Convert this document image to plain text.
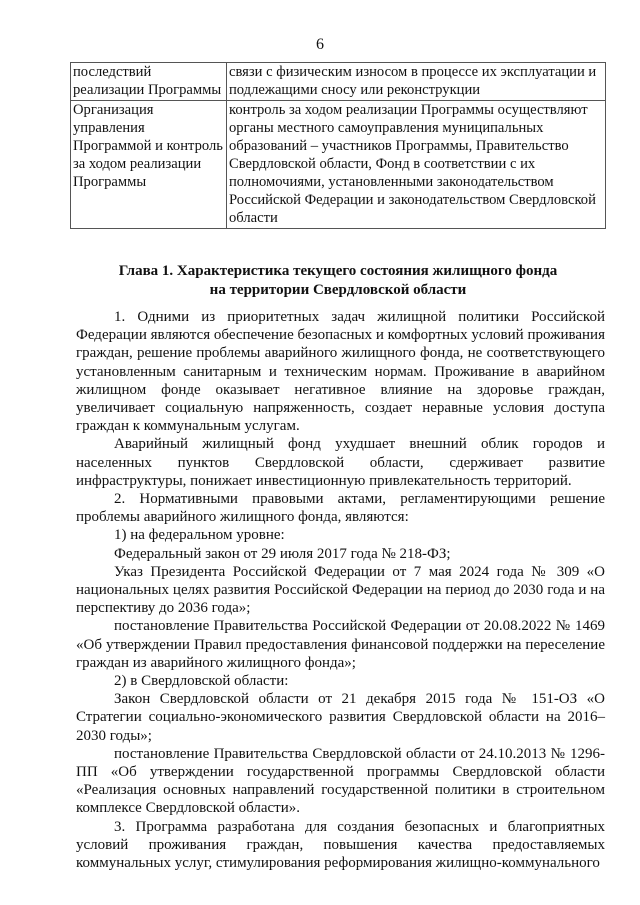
6
последствий реализации Программы	связи с физическим износом в процессе их эксплуатации и подлежащими сносу или реконструкции
Организация управления Программой и контроль за ходом реализации Программы	контроль за ходом реализации Программы осуществляют органы местного самоуправления муниципальных образований – участников Программы, Правительство Свердловской области, Фонд в соответствии с их полномочиями, установленными законодательством Российской Федерации и законодательством Свердловской области
Глава 1. Характеристика текущего состояния жилищного фонда
на территории Свердловской области

1. Одними из приоритетных задач жилищной политики Российской Федерации являются обеспечение безопасных и комфортных условий проживания граждан, решение проблемы аварийного жилищного фонда, не соответствующего установленным санитарным и техническим нормам. Проживание в аварийном жилищном фонде оказывает негативное влияние на здоровье граждан, увеличивает социальную напряженность, создает неравные условия доступа граждан к коммунальным услугам.

Аварийный жилищный фонд ухудшает внешний облик городов и населенных пунктов Свердловской области, сдерживает развитие инфраструктуры, понижает инвестиционную привлекательность территорий.

2. Нормативными правовыми актами, регламентирующими решение проблемы аварийного жилищного фонда, являются:

1) на федеральном уровне:

Федеральный закон от 29 июля 2017 года № 218-ФЗ;

Указ Президента Российской Федерации от 7 мая 2024 года № 309 «О национальных целях развития Российской Федерации на период до 2030 года и на перспективу до 2036 года»;

постановление Правительства Российской Федерации от 20.08.2022 № 1469 «Об утверждении Правил предоставления финансовой поддержки на переселение граждан из аварийного жилищного фонда»;

2) в Свердловской области:

Закон Свердловской области от 21 декабря 2015 года № 151-ОЗ «О Стратегии социально-экономического развития Свердловской области на 2016–2030 годы»;

постановление Правительства Свердловской области от 24.10.2013 № 1296-ПП «Об утверждении государственной программы Свердловской области «Реализация основных направлений государственной политики в строительном комплексе Свердловской области».

3. Программа разработана для создания безопасных и благоприятных условий проживания граждан, повышения качества предоставляемых коммунальных услуг, стимулирования реформирования жилищно-коммунального
